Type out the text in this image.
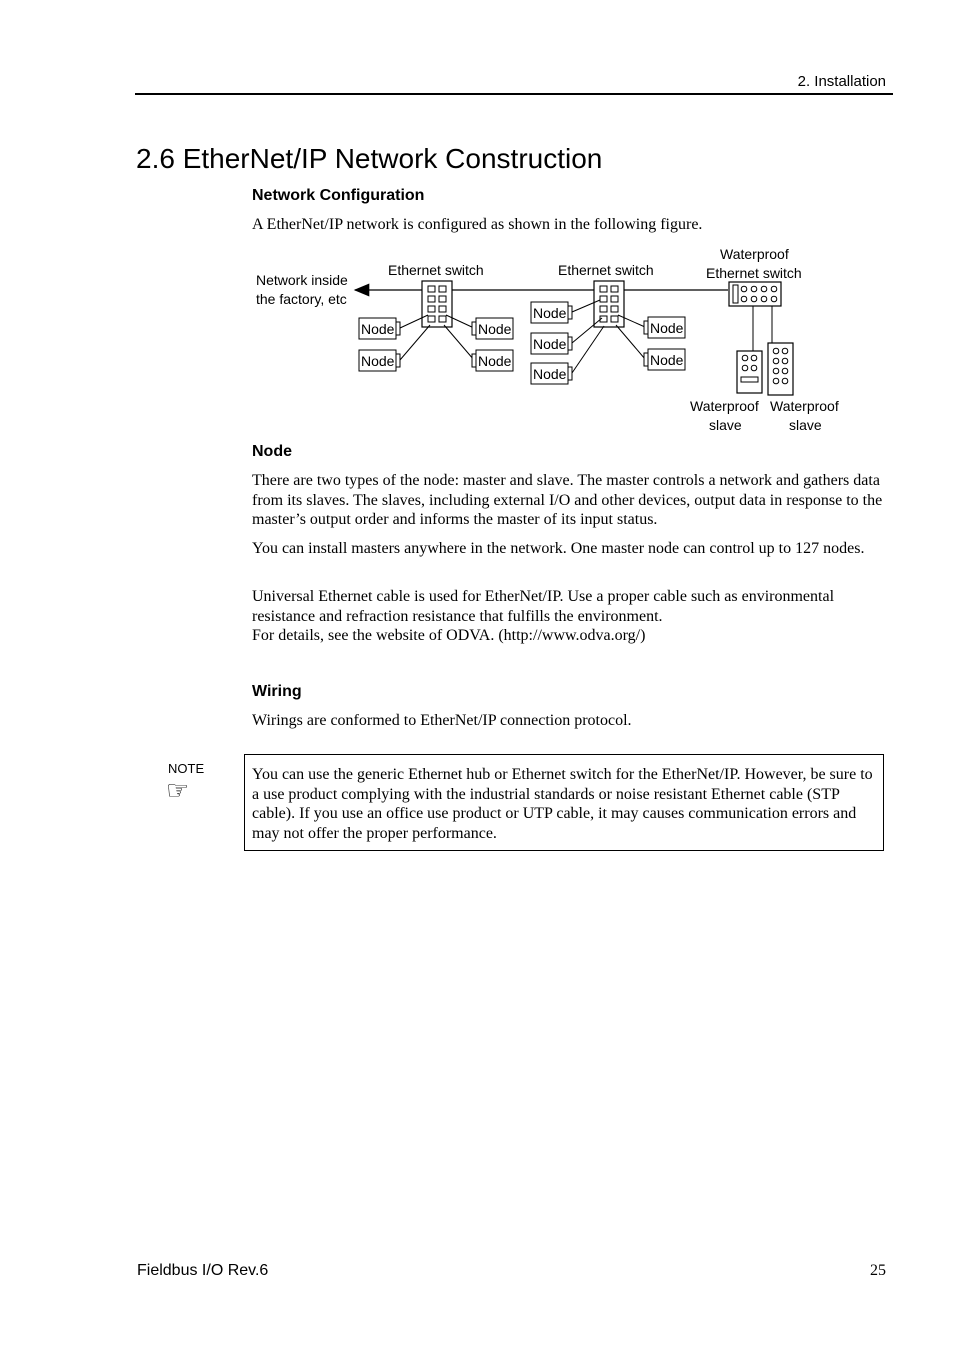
2. Installation
2.6 EtherNet/IP Network Construction
Network Configuration
A EtherNet/IP network is configured as shown in the following figure.
Network inside
the factory, etc
Ethernet switch	Ethernet switch
Waterproof
Ethernet switch
Node
Node
Node
Node
Node
Node
Node
Node
Node
Waterproof
slave
Waterproof
slave
Node
There are two types of the node: master and slave. The master controls a network and gathers data from its slaves. The slaves, including external I/O and other devices, output data in response to the master’s output order and informs the master of its input status.
You can install masters anywhere in the network. One master node can control up to 127 nodes.

Universal Ethernet cable is used for EtherNet/IP. Use a proper cable such as environmental resistance and refraction resistance that fulfills the environment.

For details, see the website of ODVA. (http://www.odva.org/)

Wiring
Wirings are conformed to EtherNet/IP connection protocol.
NOTE
☞
You can use the generic Ethernet hub or Ethernet switch for the EtherNet/IP. However, be sure to a use product complying with the industrial standards or noise resistant Ethernet cable (STP cable). If you use an office use product or UTP cable, it may causes communication errors and may not offer the proper performance.
Fieldbus I/O Rev.6	25
